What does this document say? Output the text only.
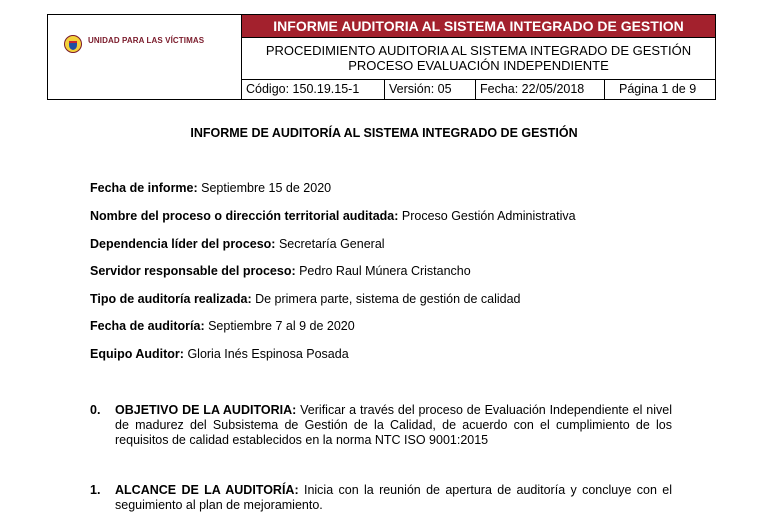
UNIDAD PARA LAS VÍCTIMAS
INFORME AUDITORIA AL SISTEMA INTEGRADO DE GESTION
PROCEDIMIENTO AUDITORIA AL SISTEMA INTEGRADO DE GESTIÓN
PROCESO EVALUACIÓN INDEPENDIENTE
Código: 150.19.15-1	Versión: 05	Fecha: 22/05/2018	Página 1 de 9
INFORME DE AUDITORÍA AL SISTEMA INTEGRADO DE GESTIÓN
Fecha de informe: Septiembre 15 de 2020
Nombre del proceso o dirección territorial auditada: Proceso Gestión Administrativa
Dependencia líder del proceso: Secretaría General
Servidor responsable del proceso: Pedro Raul Múnera Cristancho
Tipo de auditoría realizada: De primera parte, sistema de gestión de calidad
Fecha de auditoría: Septiembre 7 al 9 de 2020
Equipo Auditor: Gloria Inés Espinosa Posada
0. OBJETIVO DE LA AUDITORIA: Verificar a través del proceso de Evaluación Independiente el nivel de madurez del Subsistema de Gestión de la Calidad, de acuerdo con el cumplimiento de los requisitos de calidad establecidos en la norma NTC ISO 9001:2015
1. ALCANCE DE LA AUDITORÍA: Inicia con la reunión de apertura de auditoría y concluye con el seguimiento al plan de mejoramiento.
